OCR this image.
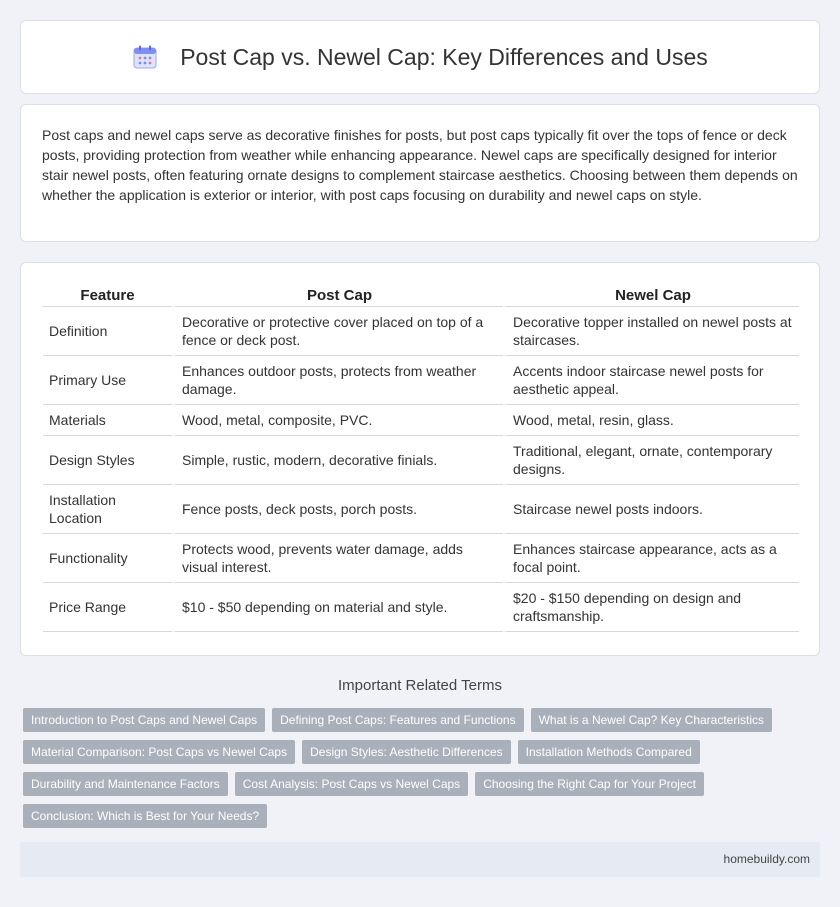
Post Cap vs. Newel Cap: Key Differences and Uses

Post caps and newel caps serve as decorative finishes for posts, but post caps typically fit over the tops of fence or deck posts, providing protection from weather while enhancing appearance. Newel caps are specifically designed for interior stair newel posts, often featuring ornate designs to complement staircase aesthetics. Choosing between them depends on whether the application is exterior or interior, with post caps focusing on durability and newel caps on style.

Feature	Post Cap	Newel Cap
Definition	Decorative or protective cover placed on top of a fence or deck post.	Decorative topper installed on newel posts at staircases.
Primary Use	Enhances outdoor posts, protects from weather damage.	Accents indoor staircase newel posts for aesthetic appeal.
Materials	Wood, metal, composite, PVC.	Wood, metal, resin, glass.
Design Styles	Simple, rustic, modern, decorative finials.	Traditional, elegant, ornate, contemporary designs.
Installation Location	Fence posts, deck posts, porch posts.	Staircase newel posts indoors.
Functionality	Protects wood, prevents water damage, adds visual interest.	Enhances staircase appearance, acts as a focal point.
Price Range	$10 - $50 depending on material and style.	$20 - $150 depending on design and craftsmanship.
Important Related Terms
Introduction to Post Caps and Newel Caps	Defining Post Caps: Features and Functions	What is a Newel Cap? Key Characteristics
Material Comparison: Post Caps vs Newel Caps	Design Styles: Aesthetic Differences	Installation Methods Compared
Durability and Maintenance Factors	Cost Analysis: Post Caps vs Newel Caps	Choosing the Right Cap for Your Project
Conclusion: Which is Best for Your Needs?
homebuildy.com
